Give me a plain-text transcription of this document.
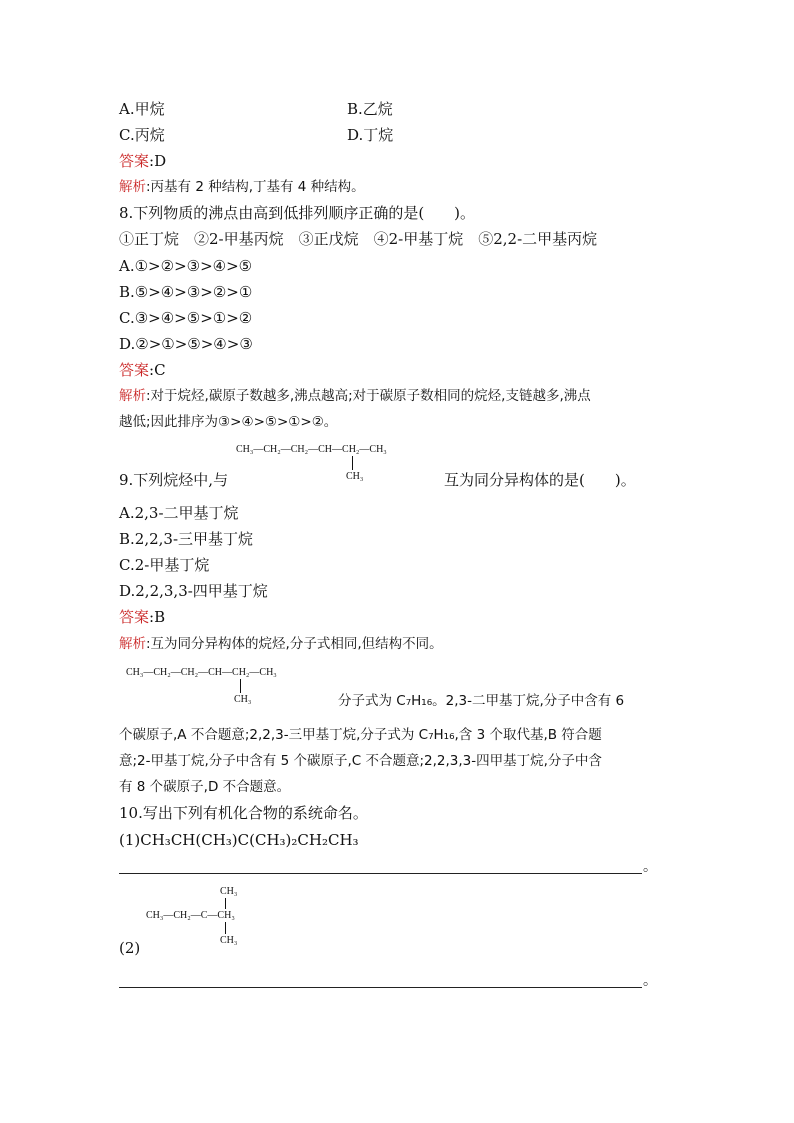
A.甲烷	B.乙烷
C.丙烷	D.丁烷
答案:D
解析:丙基有 2 种结构,丁基有 4 种结构。
8.下列物质的沸点由高到低排列顺序正确的是(　　)。
①正丁烷　②2-甲基丙烷　③正戊烷　④2-甲基丁烷　⑤2,2-二甲基丙烷
A.①>②>③>④>⑤
B.⑤>④>③>②>①
C.③>④>⑤>①>②
D.②>①>⑤>④>③
答案:C
解析:对于烷烃,碳原子数越多,沸点越高;对于碳原子数相同的烷烃,支链越多,沸点
越低;因此排序为③>④>⑤>①>②。
CH₃—CH₂—CH₂—CH—CH₂—CH₃
CH₃
9.下列烷烃中,与	互为同分异构体的是(　　)。
A.2,3-二甲基丁烷
B.2,2,3-三甲基丁烷
C.2-甲基丁烷
D.2,2,3,3-四甲基丁烷
答案:B
解析:互为同分异构体的烷烃,分子式相同,但结构不同。
CH₃—CH₂—CH₂—CH—CH₂—CH₃
CH₃	分子式为 C₇H₁₆。2,3-二甲基丁烷,分子中含有 6
个碳原子,A 不合题意;2,2,3-三甲基丁烷,分子式为 C₇H₁₆,含 3 个取代基,B 符合题
意;2-甲基丁烷,分子中含有 5 个碳原子,C 不合题意;2,2,3,3-四甲基丁烷,分子中含
有 8 个碳原子,D 不合题意。
10.写出下列有机化合物的系统命名。
(1)CH₃CH(CH₃)C(CH₃)₂CH₂CH₃
。
CH₃
CH₃—CH₂—C—CH₃
CH₃
(2)
。
